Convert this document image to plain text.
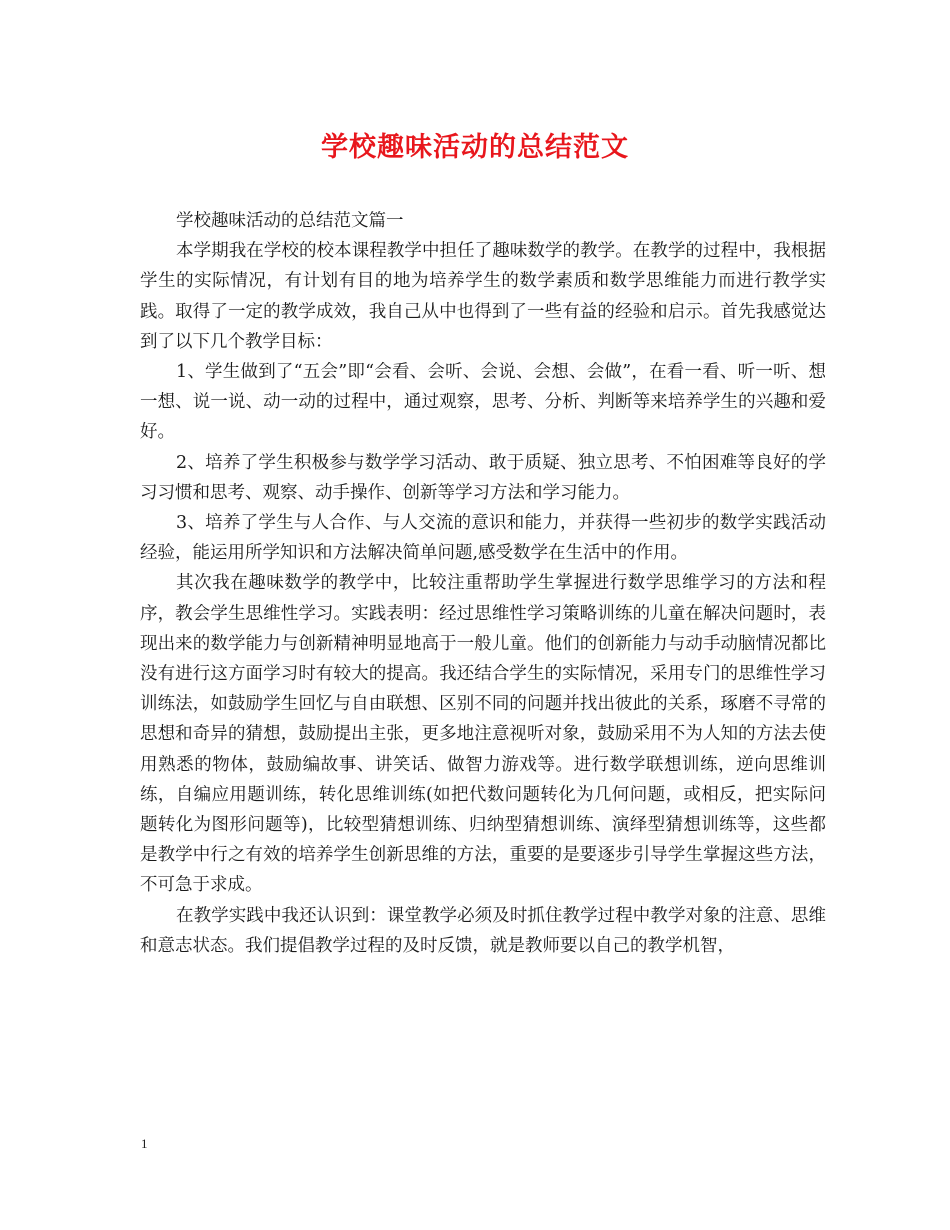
学校趣味活动的总结范文

学校趣味活动的总结范文篇一

本学期我在学校的校本课程教学中担任了趣味数学的教学。在教学的过程中，我根据学生的实际情况，有计划有目的地为培养学生的数学素质和数学思维能力而进行教学实践。取得了一定的教学成效，我自己从中也得到了一些有益的经验和启示。首先我感觉达到了以下几个教学目标：

1、学生做到了“五会”即“会看、会听、会说、会想、会做”，在看一看、听一听、想一想、说一说、动一动的过程中，通过观察，思考、分析、判断等来培养学生的兴趣和爱好。

2、培养了学生积极参与数学学习活动、敢于质疑、独立思考、不怕困难等良好的学习习惯和思考、观察、动手操作、创新等学习方法和学习能力。

3、培养了学生与人合作、与人交流的意识和能力，并获得一些初步的数学实践活动经验，能运用所学知识和方法解决简单问题,感受数学在生活中的作用。

其次我在趣味数学的教学中，比较注重帮助学生掌握进行数学思维学习的方法和程序，教会学生思维性学习。实践表明：经过思维性学习策略训练的儿童在解决问题时，表现出来的数学能力与创新精神明显地高于一般儿童。他们的创新能力与动手动脑情况都比没有进行这方面学习时有较大的提高。我还结合学生的实际情况，采用专门的思维性学习训练法，如鼓励学生回忆与自由联想、区别不同的问题并找出彼此的关系，琢磨不寻常的思想和奇异的猜想，鼓励提出主张，更多地注意视听对象，鼓励采用不为人知的方法去使用熟悉的物体，鼓励编故事、讲笑话、做智力游戏等。进行数学联想训练，逆向思维训练，自编应用题训练，转化思维训练(如把代数问题转化为几何问题，或相反，把实际问题转化为图形问题等)，比较型猜想训练、归纳型猜想训练、演绎型猜想训练等，这些都是教学中行之有效的培养学生创新思维的方法，重要的是要逐步引导学生掌握这些方法，不可急于求成。

在教学实践中我还认识到：课堂教学必须及时抓住教学过程中教学对象的注意、思维和意志状态。我们提倡教学过程的及时反馈，就是教师要以自己的教学机智，

1
